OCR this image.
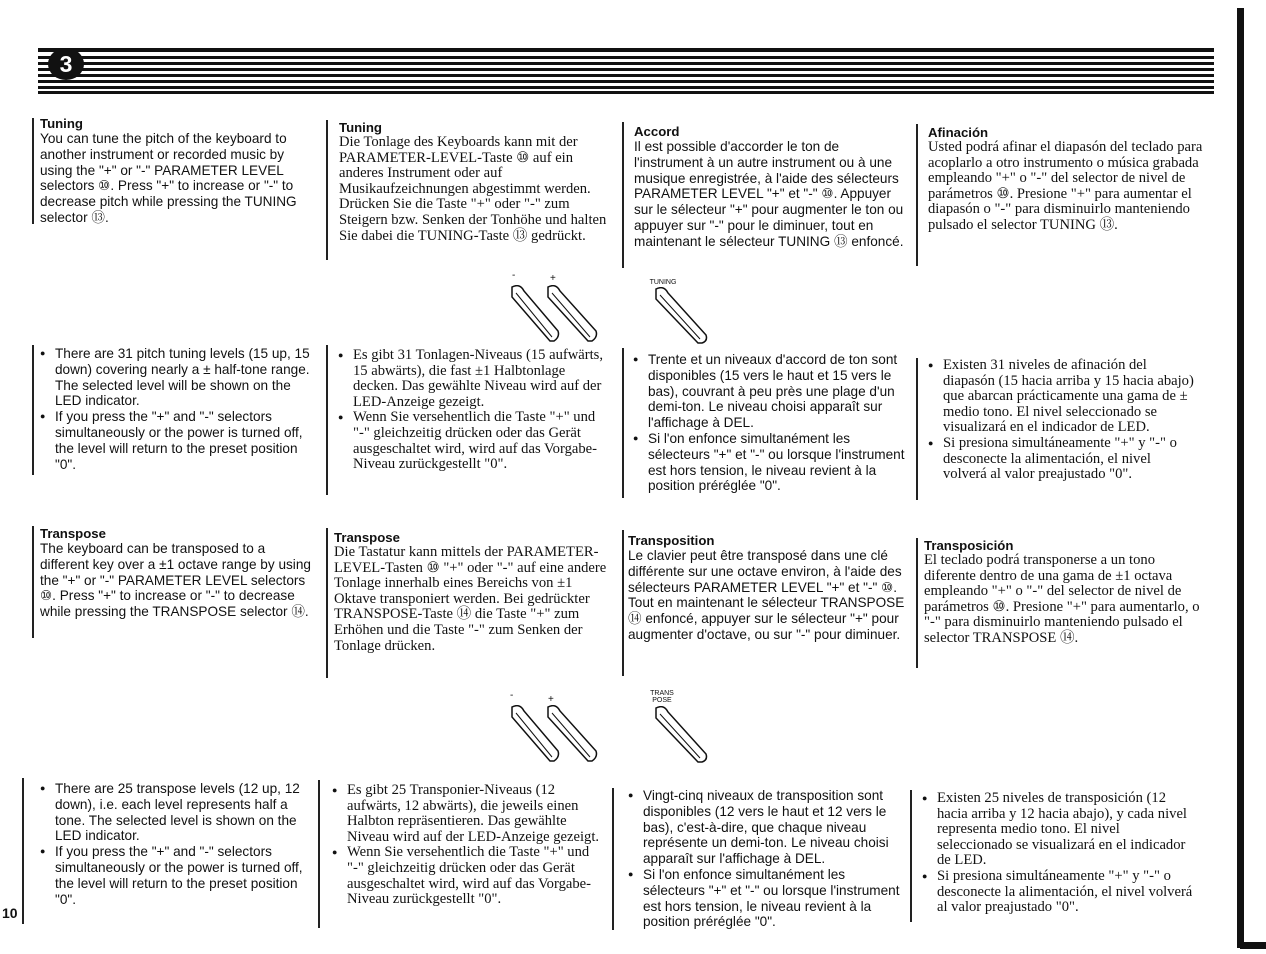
3
Tuning

You can tune the pitch of the keyboard to another instrument or recorded music by using the "+" or "-" PARAMETER LEVEL selectors ⑩. Press "+" to increase or "-" to decrease pitch while pressing the TUNING selector ⑬.

● There are 31 pitch tuning levels (15 up, 15 down) covering nearly a ± half-tone range. The selected level will be shown on the LED indicator.
● If you press the "+" and "-" selectors simultaneously or the power is turned off, the level will return to the preset position "0".
Transpose

The keyboard can be transposed to a different key over a ±1 octave range by using the "+" or "-" PARAMETER LEVEL selectors ⑩. Press "+" to increase or "-" to decrease while pressing the TRANSPOSE selector ⑭.

● There are 25 transpose levels (12 up, 12 down), i.e. each level represents half a tone. The selected level is shown on the LED indicator.
● If you press the "+" and "-" selectors simultaneously or the power is turned off, the level will return to the preset position "0".
Tuning

Die Tonlage des Keyboards kann mit der PARAMETER-LEVEL-Taste ⑩ auf ein anderes Instrument oder auf Musikaufzeichnungen abgestimmt werden. Drücken Sie die Taste "+" oder "-" zum Steigern bzw. Senken der Tonhöhe und halten Sie dabei die TUNING-Taste ⑬ gedrückt.

● Es gibt 31 Tonlagen-Niveaus (15 aufwärts, 15 abwärts), die fast ±1 Halbtonlage decken. Das gewählte Niveau wird auf der LED-Anzeige gezeigt.
● Wenn Sie versehentlich die Taste "+" und "-" gleichzeitig drücken oder das Gerät ausgeschaltet wird, wird auf das Vorgabe-Niveau zurückgestellt "0".
Transpose

Die Tastatur kann mittels der PARAMETER-LEVEL-Tasten ⑩ "+" oder "-" auf eine andere Tonlage innerhalb eines Bereichs von ±1 Oktave transponiert werden. Bei gedrückter TRANSPOSE-Taste ⑭ die Taste "+" zum Erhöhen und die Taste "-" zum Senken der Tonlage drücken.

● Es gibt 25 Transponier-Niveaus (12 aufwärts, 12 abwärts), die jeweils einen Halbton repräsentieren. Das gewählte Niveau wird auf der LED-Anzeige gezeigt.
● Wenn Sie versehentlich die Taste "+" und "-" gleichzeitig drücken oder das Gerät ausgeschaltet wird, wird auf das Vorgabe-Niveau zurückgestellt "0".
Accord

Il est possible d'accorder le ton de l'instrument à un autre instrument ou à une musique enregistrée, à l'aide des sélecteurs PARAMETER LEVEL "+" et "-" ⑩. Appuyer sur le sélecteur "+" pour augmenter le ton ou appuyer sur "-" pour le diminuer, tout en maintenant le sélecteur TUNING ⑬ enfoncé.

● Trente et un niveaux d'accord de ton sont disponibles (15 vers le haut et 15 vers le bas), couvrant à peu près une plage d'un demi-ton. Le niveau choisi apparaît sur l'affichage à DEL.
● Si l'on enfonce simultanément les sélecteurs "+" et "-" ou lorsque l'instrument est hors tension, le niveau revient à la position préréglée "0".
Transposition

Le clavier peut être transposé dans une clé différente sur une octave environ, à l'aide des sélecteurs PARAMETER LEVEL "+" et "-" ⑩. Tout en maintenant le sélecteur TRANSPOSE ⑭ enfoncé, appuyer sur le sélecteur "+" pour augmenter d'octave, ou sur "-" pour diminuer.

● Vingt-cinq niveaux de transposition sont disponibles (12 vers le haut et 12 vers le bas), c'est-à-dire, que chaque niveau représente un demi-ton. Le niveau choisi apparaît sur l'affichage à DEL.
● Si l'on enfonce simultanément les sélecteurs "+" et "-" ou lorsque l'instrument est hors tension, le niveau revient à la position préréglée "0".
Afinación

Usted podrá afinar el diapasón del teclado para acoplarlo a otro instrumento o música grabada empleando "+" o "-" del selector de nivel de parámetros ⑩. Presione "+" para aumentar el diapasón o "-" para disminuirlo manteniendo pulsado el selector TUNING ⑬.

● Existen 31 niveles de afinación del diapasón (15 hacia arriba y 15 hacia abajo) que abarcan prácticamente una gama de ± medio tono. El nivel seleccionado se visualizará en el indicador de LED.
● Si presiona simultáneamente "+" y "-" o desconecte la alimentación, el nivel volverá al valor preajustado "0".
Transposición

El teclado podrá transponerse a un tono diferente dentro de una gama de ±1 octava empleando "+" o "-" del selector de nivel de parámetros ⑩. Presione "+" para aumentarlo, o "-" para disminuirlo manteniendo pulsado el selector TRANSPOSE ⑭.

● Existen 25 niveles de transposición (12 hacia arriba y 12 hacia abajo), y cada nivel representa medio tono. El nivel seleccionado se visualizará en el indicador de LED.
● Si presiona simultáneamente "+" y "-" o desconecte la alimentación, el nivel volverá al valor preajustado "0".
-	+	TUNING
-	+
TRANS
POSE
10
